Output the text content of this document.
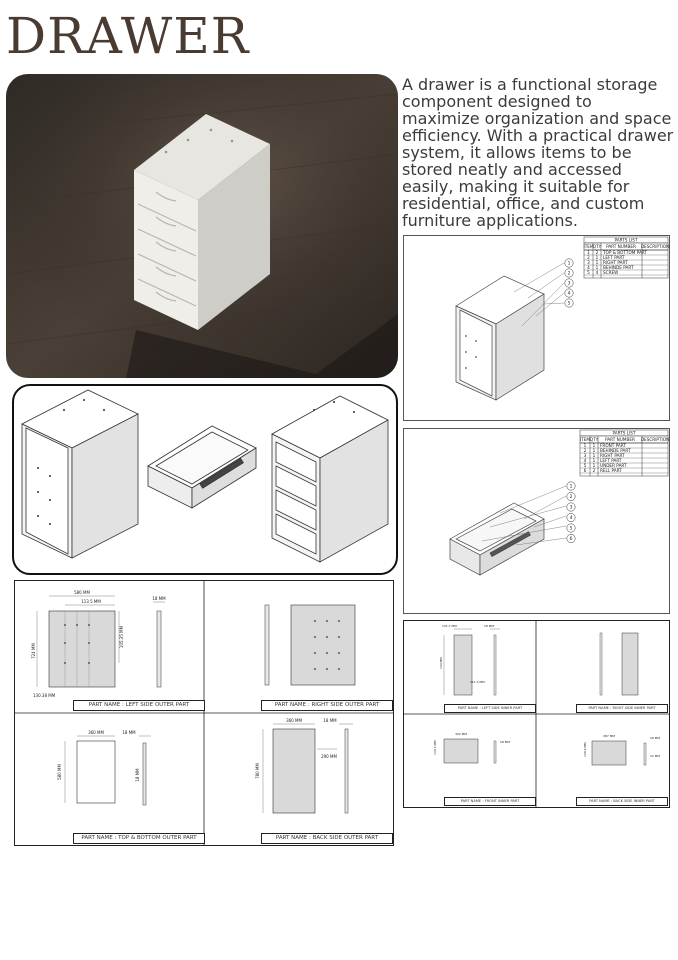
DRAWER
A drawer is a functional storage component designed to maximize organization and space efficiency. With a practical drawer system, it allows items to be stored neatly and accessed easily, making it suitable for residential, office, and custom furniture applications.
PARTS LIST
ITEM QTY PART NUMBER DESCRIPTION
1 2 TOP & BOTTOM PART
2 1 LEFT PART
3 1 RIGHT PART
4 1 BEHINDE PART
5 4 SCREW
1
2
3
4
5
PARTS LIST
ITEM QTY PART NUMBER DESCRIPTION
1 1 FRONT PART
2 1 BEHINDE PART
3 1 RIGHT PART
4 1 LEFT PART
5 1 UNDER PART
6 2 RELL PART
1
2
3
4
5
6
580 MM
113.5 MM
18 MM
724 MM
105.35 MM
130.38 MM
360 MM	18 MM
580 MM	18 MM
360 MM	18 MM
780 MM
290 MM
PART NAME : LEFT SIDE OUTER PART	PART NAME : RIGHT SIDE OUTER PART
PART NAME : TOP & BOTTOM OUTER PART	PART NAME : BACK SIDE OUTER PART
131.7 MM	18 MM
144 MM
111.3 MM
322 MM
18 MM
130.7 MM
287 MM	18 MM
129.6 MM	12 MM
PART NAME : LEFT SIDE INNER PART	PART NAME : RIGHT SIDE INNER PART
PART NAME : FRONT INNER PART	PART NAME : BACK SIDE INNER PART
